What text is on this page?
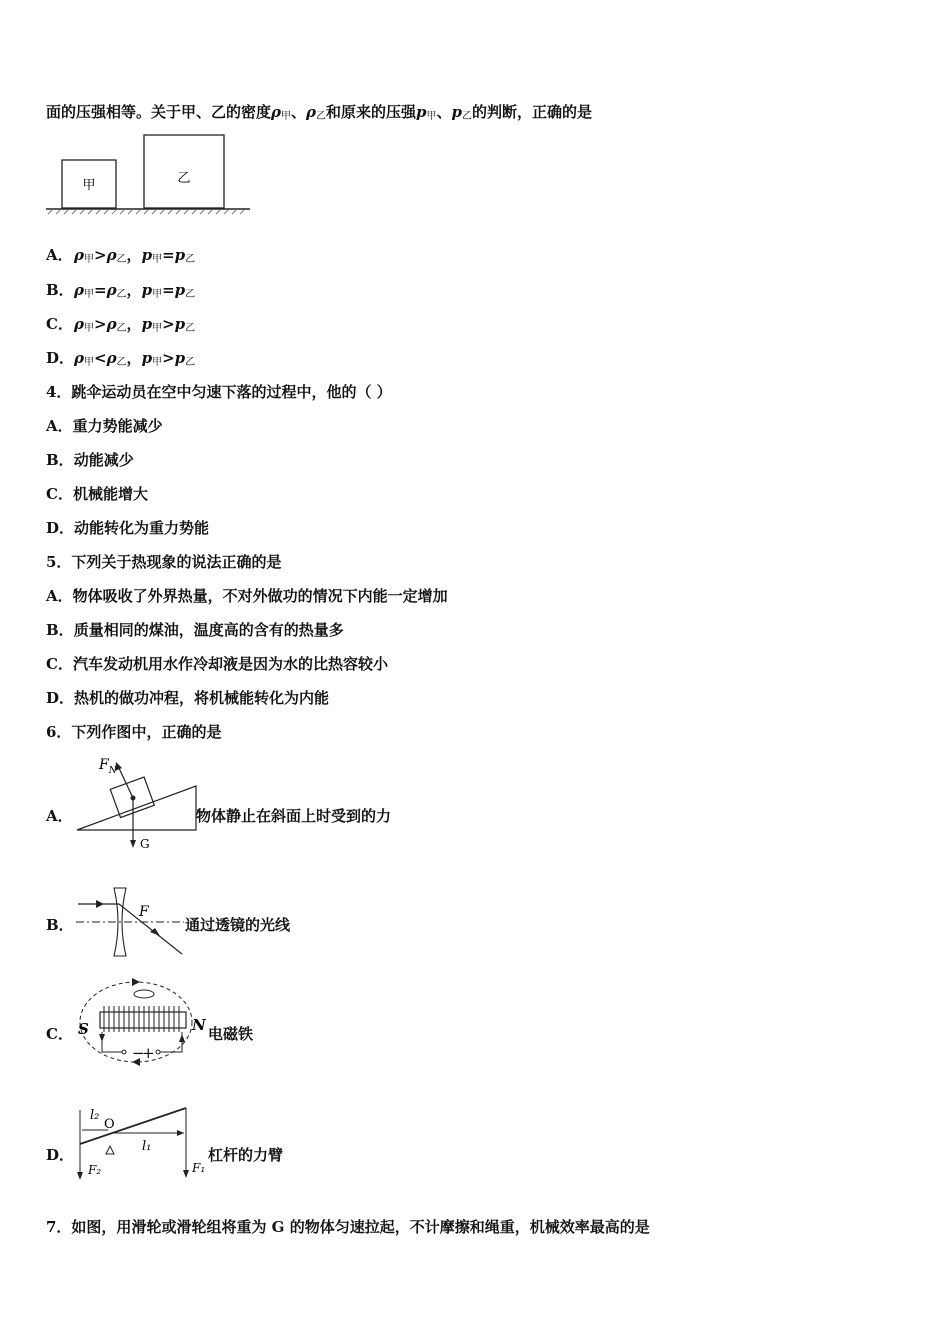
面的压强相等。关于甲、乙的密度$\rho_甲$、$\rho_乙$和原来的压强$p_甲$、$p_乙$的判断，正确的是
甲	乙
A．$\rho_甲>\rho_乙$，$p_甲=p_乙$
B．$\rho_甲=\rho_乙$，$p_甲=p_乙$
C．$\rho_甲>\rho_乙$，$p_甲>p_乙$
D．$\rho_甲<\rho_乙$，$p_甲>p_乙$
4．跳伞运动员在空中匀速下落的过程中，他的（ ）
A．重力势能减少
B．动能减少
C．机械能增大
D．动能转化为重力势能
5．下列关于热现象的说法正确的是
A．物体吸收了外界热量，不对外做功的情况下内能一定增加
B．质量相同的煤油，温度高的含有的热量多
C．汽车发动机用水作冷却液是因为水的比热容较小
D．热机的做功冲程，将机械能转化为内能
6．下列作图中，正确的是
A．
$F_N$
G
物体静止在斜面上时受到的力
B．
F
通过透镜的光线
C．
−
+
S	N 电磁铁
D．
l₂
O
l₁
F₂	F₁
杠杆的力臂
7．如图，用滑轮或滑轮组将重为 G 的物体匀速拉起，不计摩擦和绳重，机械效率最高的是
